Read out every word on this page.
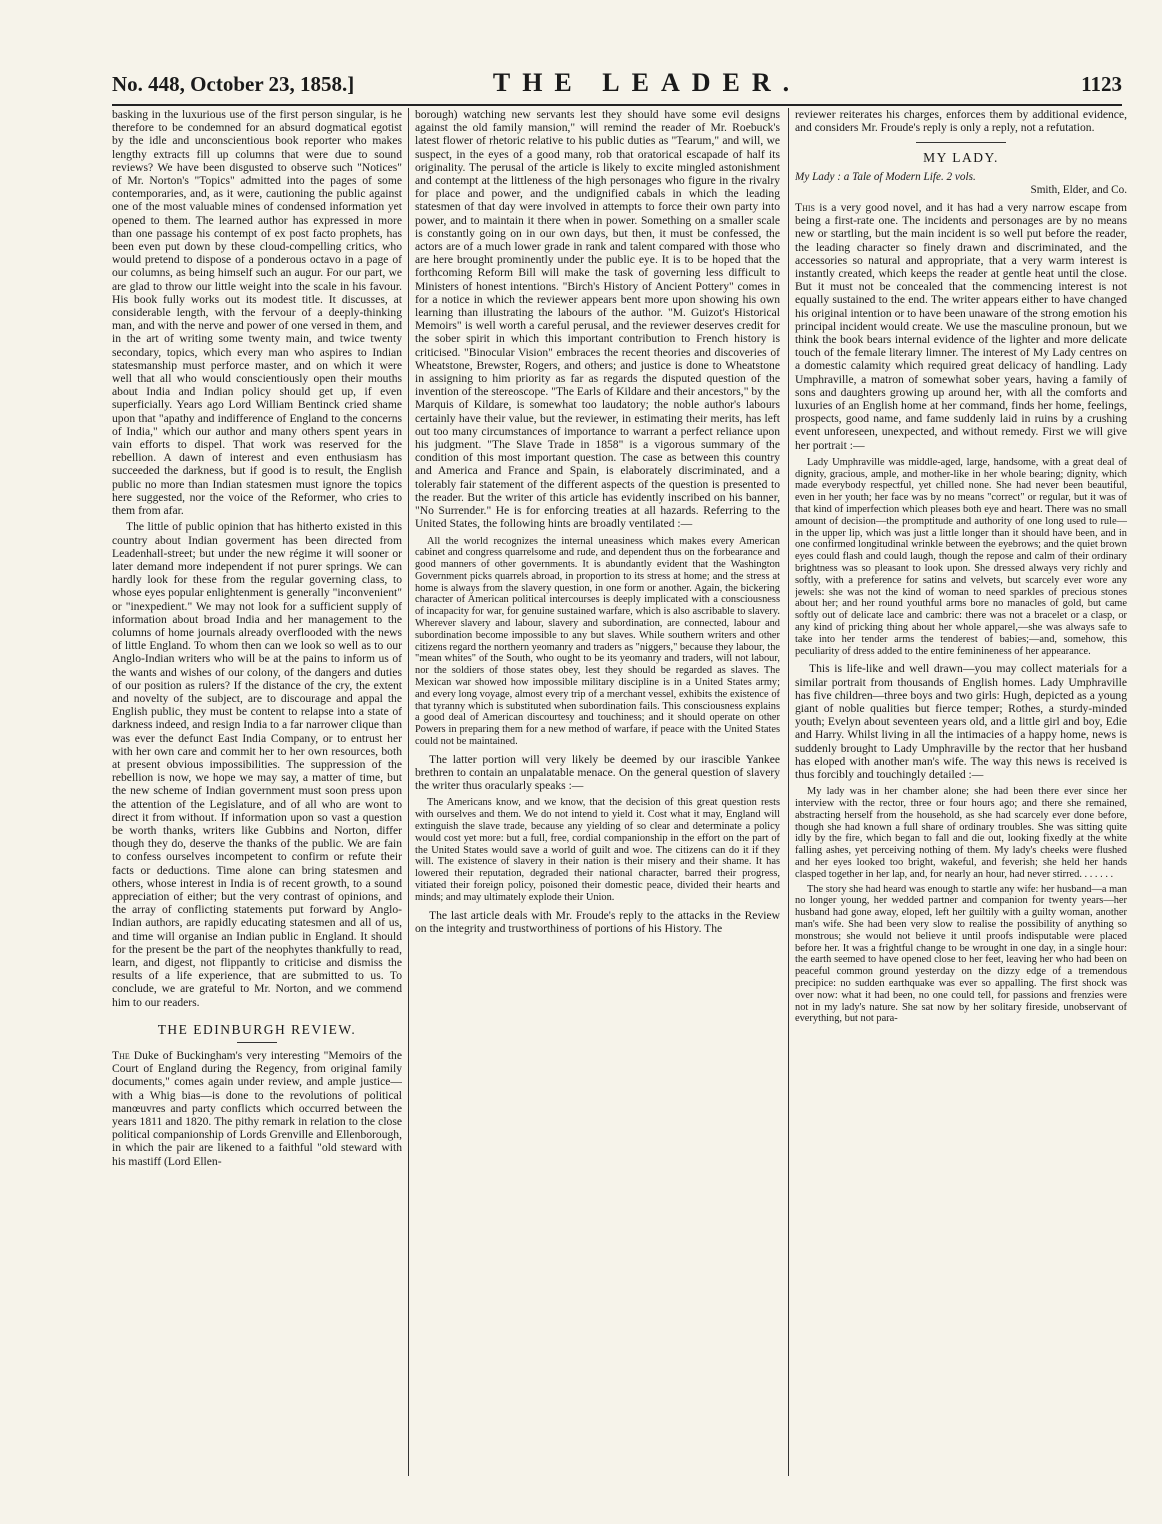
No. 448, October 23, 1858.]	THE LEADER.	1123

basking in the luxurious use of the first person singular, is he therefore to be condemned for an absurd dogmatical egotist by the idle and unconscientious book reporter who makes lengthy extracts fill up columns that were due to sound reviews? We have been disgusted to observe such "Notices" of Mr. Norton's "Topics" admitted into the pages of some contemporaries, and, as it were, cautioning the public against one of the most valuable mines of condensed information yet opened to them. The learned author has expressed in more than one passage his contempt of ex post facto prophets, has been even put down by these cloud-compelling critics, who would pretend to dispose of a ponderous octavo in a page of our columns, as being himself such an augur. For our part, we are glad to throw our little weight into the scale in his favour. His book fully works out its modest title. It discusses, at considerable length, with the fervour of a deeply-thinking man, and with the nerve and power of one versed in them, and in the art of writing some twenty main, and twice twenty secondary, topics, which every man who aspires to Indian statesmanship must perforce master, and on which it were well that all who would conscientiously open their mouths about India and Indian policy should get up, if even superficially. Years ago Lord William Bentinck cried shame upon that "apathy and indifference of England to the concerns of India," which our author and many others spent years in vain efforts to dispel. That work was reserved for the rebellion. A dawn of interest and even enthusiasm has succeeded the darkness, but if good is to result, the English public no more than Indian statesmen must ignore the topics here suggested, nor the voice of the Reformer, who cries to them from afar.

The little of public opinion that has hitherto existed in this country about Indian goverment has been directed from Leadenhall-street; but under the new régime it will sooner or later demand more independent if not purer springs. We can hardly look for these from the regular governing class, to whose eyes popular enlightenment is generally "inconvenient" or "inexpedient." We may not look for a sufficient supply of information about broad India and her management to the columns of home journals already overflooded with the news of little England. To whom then can we look so well as to our Anglo-Indian writers who will be at the pains to inform us of the wants and wishes of our colony, of the dangers and duties of our position as rulers? If the distance of the cry, the extent and novelty of the subject, are to discourage and appal the English public, they must be content to relapse into a state of darkness indeed, and resign India to a far narrower clique than was ever the defunct East India Company, or to entrust her with her own care and commit her to her own resources, both at present obvious impossibilities. The suppression of the rebellion is now, we hope we may say, a matter of time, but the new scheme of Indian government must soon press upon the attention of the Legislature, and of all who are wont to direct it from without. If information upon so vast a question be worth thanks, writers like Gubbins and Norton, differ though they do, deserve the thanks of the public. We are fain to confess ourselves incompetent to confirm or refute their facts or deductions. Time alone can bring statesmen and others, whose interest in India is of recent growth, to a sound appreciation of either; but the very contrast of opinions, and the array of conflicting statements put forward by Anglo-Indian authors, are rapidly educating statesmen and all of us, and time will organise an Indian public in England. It should for the present be the part of the neophytes thankfully to read, learn, and digest, not flippantly to criticise and dismiss the results of a life experience, that are submitted to us. To conclude, we are grateful to Mr. Norton, and we commend him to our readers.

THE EDINBURGH REVIEW.

The Duke of Buckingham's very interesting "Memoirs of the Court of England during the Regency, from original family documents," comes again under review, and ample justice—with a Whig bias—is done to the revolutions of political manœuvres and party conflicts which occurred between the years 1811 and 1820. The pithy remark in relation to the close political companionship of Lords Grenville and Ellenborough, in which the pair are likened to a faithful "old steward with his mastiff (Lord Ellen-

borough) watching new servants lest they should have some evil designs against the old family mansion," will remind the reader of Mr. Roebuck's latest flower of rhetoric relative to his public duties as "Tearum," and will, we suspect, in the eyes of a good many, rob that oratorical escapade of half its originality. The perusal of the article is likely to excite mingled astonishment and contempt at the littleness of the high personages who figure in the rivalry for place and power, and the undignified cabals in which the leading statesmen of that day were involved in attempts to force their own party into power, and to maintain it there when in power. Something on a smaller scale is constantly going on in our own days, but then, it must be confessed, the actors are of a much lower grade in rank and talent compared with those who are here brought prominently under the public eye. It is to be hoped that the forthcoming Reform Bill will make the task of governing less difficult to Ministers of honest intentions. "Birch's History of Ancient Pottery" comes in for a notice in which the reviewer appears bent more upon showing his own learning than illustrating the labours of the author. "M. Guizot's Historical Memoirs" is well worth a careful perusal, and the reviewer deserves credit for the sober spirit in which this important contribution to French history is criticised. "Binocular Vision" embraces the recent theories and discoveries of Wheatstone, Brewster, Rogers, and others; and justice is done to Wheatstone in assigning to him priority as far as regards the disputed question of the invention of the stereoscope. "The Earls of Kildare and their ancestors," by the Marquis of Kildare, is somewhat too laudatory; the noble author's labours certainly have their value, but the reviewer, in estimating their merits, has left out too many circumstances of importance to warrant a perfect reliance upon his judgment. "The Slave Trade in 1858" is a vigorous summary of the condition of this most important question. The case as between this country and America and France and Spain, is elaborately discriminated, and a tolerably fair statement of the different aspects of the question is presented to the reader. But the writer of this article has evidently inscribed on his banner, "No Surrender." He is for enforcing treaties at all hazards. Referring to the United States, the following hints are broadly ventilated :—

All the world recognizes the internal uneasiness which makes every American cabinet and congress quarrelsome and rude, and dependent thus on the forbearance and good manners of other governments. It is abundantly evident that the Washington Government picks quarrels abroad, in proportion to its stress at home; and the stress at home is always from the slavery question, in one form or another. Again, the bickering character of American political intercourses is deeply implicated with a consciousness of incapacity for war, for genuine sustained warfare, which is also ascribable to slavery. Wherever slavery and labour, slavery and subordination, are connected, labour and subordination become impossible to any but slaves. While southern writers and other citizens regard the northern yeomanry and traders as "niggers," because they labour, the "mean whites" of the South, who ought to be its yeomanry and traders, will not labour, nor the soldiers of those states obey, lest they should be regarded as slaves. The Mexican war showed how impossible military discipline is in a United States army; and every long voyage, almost every trip of a merchant vessel, exhibits the existence of that tyranny which is substituted when subordination fails. This consciousness explains a good deal of American discourtesy and touchiness; and it should operate on other Powers in preparing them for a new method of warfare, if peace with the United States could not be maintained.

The latter portion will very likely be deemed by our irascible Yankee brethren to contain an unpalatable menace. On the general question of slavery the writer thus oracularly speaks :—

The Americans know, and we know, that the decision of this great question rests with ourselves and them. We do not intend to yield it. Cost what it may, England will extinguish the slave trade, because any yielding of so clear and determinate a policy would cost yet more: but a full, free, cordial companionship in the effort on the part of the United States would save a world of guilt and woe. The citizens can do it if they will. The existence of slavery in their nation is their misery and their shame. It has lowered their reputation, degraded their national character, barred their progress, vitiated their foreign policy, poisoned their domestic peace, divided their hearts and minds; and may ultimately explode their Union.

The last article deals with Mr. Froude's reply to the attacks in the Review on the integrity and trustworthiness of portions of his History. The

reviewer reiterates his charges, enforces them by additional evidence, and considers Mr. Froude's reply is only a reply, not a refutation.

MY LADY.

My Lady : a Tale of Modern Life. 2 vols.

Smith, Elder, and Co.

This is a very good novel, and it has had a very narrow escape from being a first-rate one. The incidents and personages are by no means new or startling, but the main incident is so well put before the reader, the leading character so finely drawn and discriminated, and the accessories so natural and appropriate, that a very warm interest is instantly created, which keeps the reader at gentle heat until the close. But it must not be concealed that the commencing interest is not equally sustained to the end. The writer appears either to have changed his original intention or to have been unaware of the strong emotion his principal incident would create. We use the masculine pronoun, but we think the book bears internal evidence of the lighter and more delicate touch of the female literary limner. The interest of My Lady centres on a domestic calamity which required great delicacy of handling. Lady Umphraville, a matron of somewhat sober years, having a family of sons and daughters growing up around her, with all the comforts and luxuries of an English home at her command, finds her home, feelings, prospects, good name, and fame suddenly laid in ruins by a crushing event unforeseen, unexpected, and without remedy. First we will give her portrait :—

Lady Umphraville was middle-aged, large, handsome, with a great deal of dignity, gracious, ample, and mother-like in her whole bearing; dignity, which made everybody respectful, yet chilled none. She had never been beautiful, even in her youth; her face was by no means "correct" or regular, but it was of that kind of imperfection which pleases both eye and heart. There was no small amount of decision—the promptitude and authority of one long used to rule—in the upper lip, which was just a little longer than it should have been, and in one confirmed longitudinal wrinkle between the eyebrows; and the quiet brown eyes could flash and could laugh, though the repose and calm of their ordinary brightness was so pleasant to look upon. She dressed always very richly and softly, with a preference for satins and velvets, but scarcely ever wore any jewels: she was not the kind of woman to need sparkles of precious stones about her; and her round youthful arms bore no manacles of gold, but came softly out of delicate lace and cambric: there was not a bracelet or a clasp, or any kind of pricking thing about her whole apparel,—she was always safe to take into her tender arms the tenderest of babies;—and, somehow, this peculiarity of dress added to the entire feminineness of her appearance.

This is life-like and well drawn—you may collect materials for a similar portrait from thousands of English homes. Lady Umphraville has five children—three boys and two girls: Hugh, depicted as a young giant of noble qualities but fierce temper; Rothes, a sturdy-minded youth; Evelyn about seventeen years old, and a little girl and boy, Edie and Harry. Whilst living in all the intimacies of a happy home, news is suddenly brought to Lady Umphraville by the rector that her husband has eloped with another man's wife. The way this news is received is thus forcibly and touchingly detailed :—

My lady was in her chamber alone; she had been there ever since her interview with the rector, three or four hours ago; and there she remained, abstracting herself from the household, as she had scarcely ever done before, though she had known a full share of ordinary troubles. She was sitting quite idly by the fire, which began to fall and die out, looking fixedly at the white falling ashes, yet perceiving nothing of them. My lady's cheeks were flushed and her eyes looked too bright, wakeful, and feverish; she held her hands clasped together in her lap, and, for nearly an hour, had never stirred. . . . . . .

The story she had heard was enough to startle any wife: her husband—a man no longer young, her wedded partner and companion for twenty years—her husband had gone away, eloped, left her guiltily with a guilty woman, another man's wife. She had been very slow to realise the possibility of anything so monstrous; she would not believe it until proofs indisputable were placed before her. It was a frightful change to be wrought in one day, in a single hour: the earth seemed to have opened close to her feet, leaving her who had been on peaceful common ground yesterday on the dizzy edge of a tremendous precipice: no sudden earthquake was ever so appalling. The first shock was over now: what it had been, no one could tell, for passions and frenzies were not in my lady's nature. She sat now by her solitary fireside, unobservant of everything, but not para-
